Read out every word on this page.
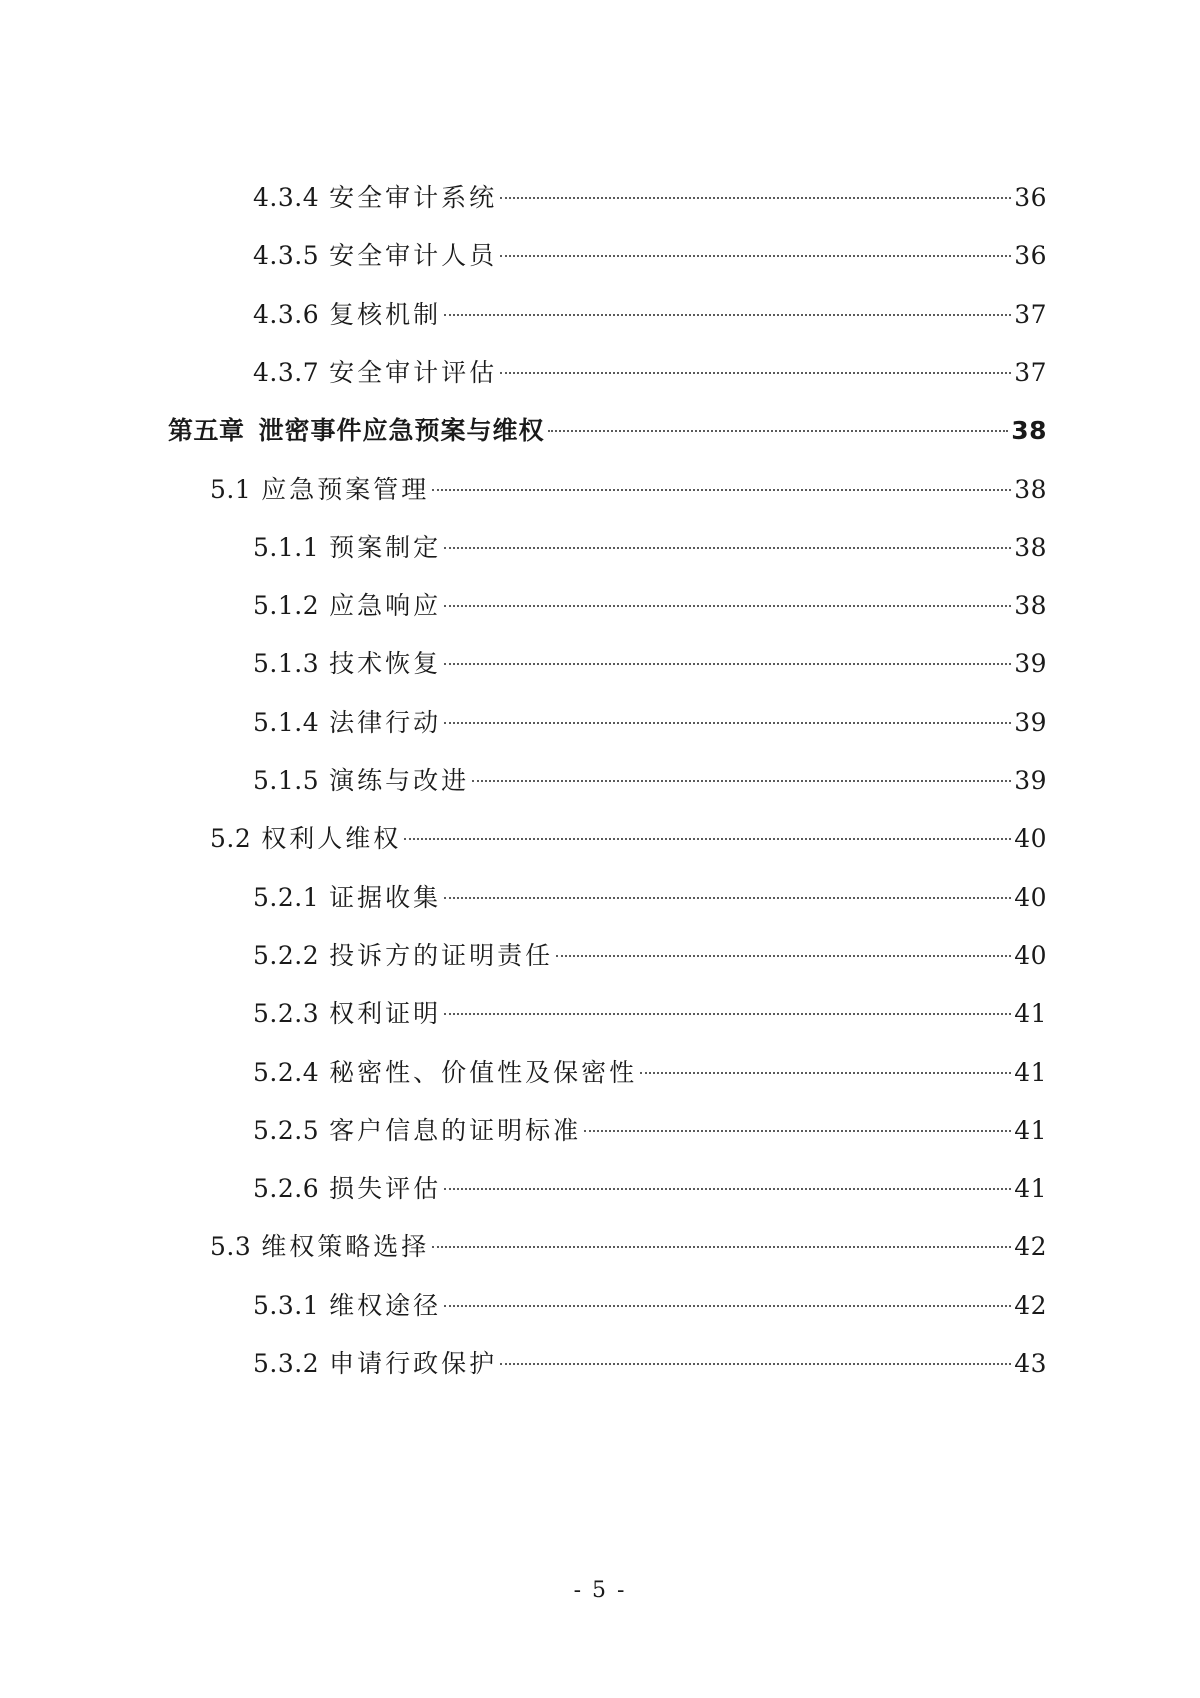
4.3.4 安全审计系统	36
4.3.5 安全审计人员	36
4.3.6 复核机制	37
4.3.7 安全审计评估	37
第五章 泄密事件应急预案与维权	38
5.1 应急预案管理	38
5.1.1 预案制定	38
5.1.2 应急响应	38
5.1.3 技术恢复	39
5.1.4 法律行动	39
5.1.5 演练与改进	39
5.2 权利人维权	40
5.2.1 证据收集	40
5.2.2 投诉方的证明责任	40
5.2.3 权利证明	41
5.2.4 秘密性、价值性及保密性	41
5.2.5 客户信息的证明标准	41
5.2.6 损失评估	41
5.3 维权策略选择	42
5.3.1 维权途径	42
5.3.2 申请行政保护	43
- 5 -
